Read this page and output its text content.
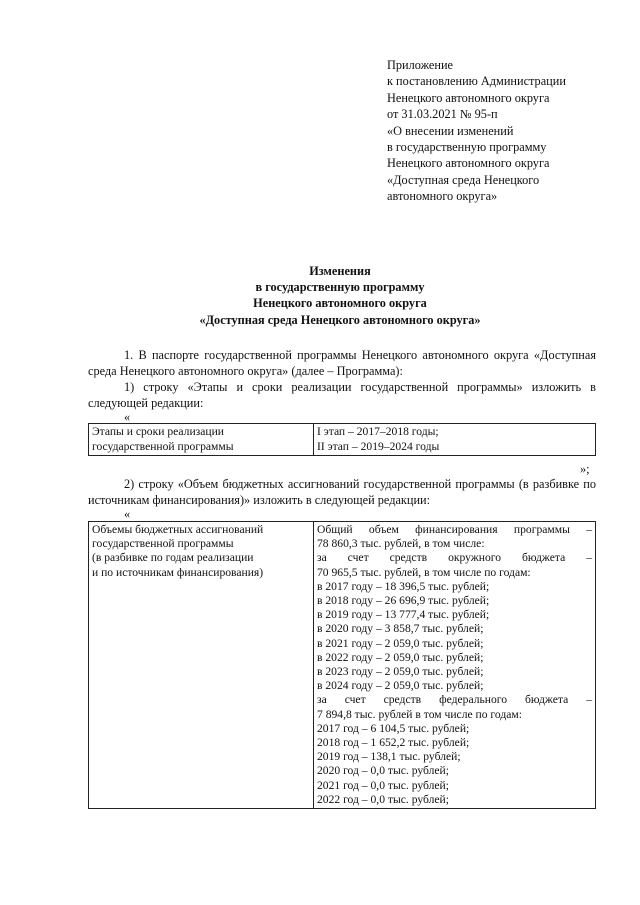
Приложение
к постановлению Администрации
Ненецкого автономного округа
от 31.03.2021 № 95-п
«О внесении изменений
в государственную программу
Ненецкого автономного округа
«Доступная среда Ненецкого
автономного округа»
Изменения
в государственную программу
Ненецкого автономного округа
«Доступная среда Ненецкого автономного округа»
1. В паспорте государственной программы Ненецкого автономного округа «Доступная среда Ненецкого автономного округа» (далее – Программа):
1) строку «Этапы и сроки реализации государственной программы» изложить в следующей редакции:
«
Этапы и сроки реализации
государственной программы

I этап – 2017–2018 годы;
II этап – 2019–2024 годы
»;
2) строку «Объем бюджетных ассигнований государственной программы (в разбивке по источникам финансирования)» изложить в следующей редакции:
«
Объемы бюджетных ассигнований
государственной программы
(в разбивке по годам реализации
и по источникам финансирования)

Общий объем финансирования программы –
78 860,3 тыс. рублей, в том числе:
за счет средств окружного бюджета –
70 965,5 тыс. рублей, в том числе по годам:
в 2017 году – 18 396,5 тыс. рублей;
в 2018 году – 26 696,9 тыс. рублей;
в 2019 году – 13 777,4 тыс. рублей;
в 2020 году – 3 858,7 тыс. рублей;
в 2021 году – 2 059,0 тыс. рублей;
в 2022 году – 2 059,0 тыс. рублей;
в 2023 году – 2 059,0 тыс. рублей;
в 2024 году – 2 059,0 тыс. рублей;
за счет средств федерального бюджета –
7 894,8 тыс. рублей в том числе по годам:
2017 год – 6 104,5 тыс. рублей;
2018 год – 1 652,2 тыс. рублей;
2019 год – 138,1 тыс. рублей;
2020 год – 0,0 тыс. рублей;
2021 год – 0,0 тыс. рублей;
2022 год – 0,0 тыс. рублей;
